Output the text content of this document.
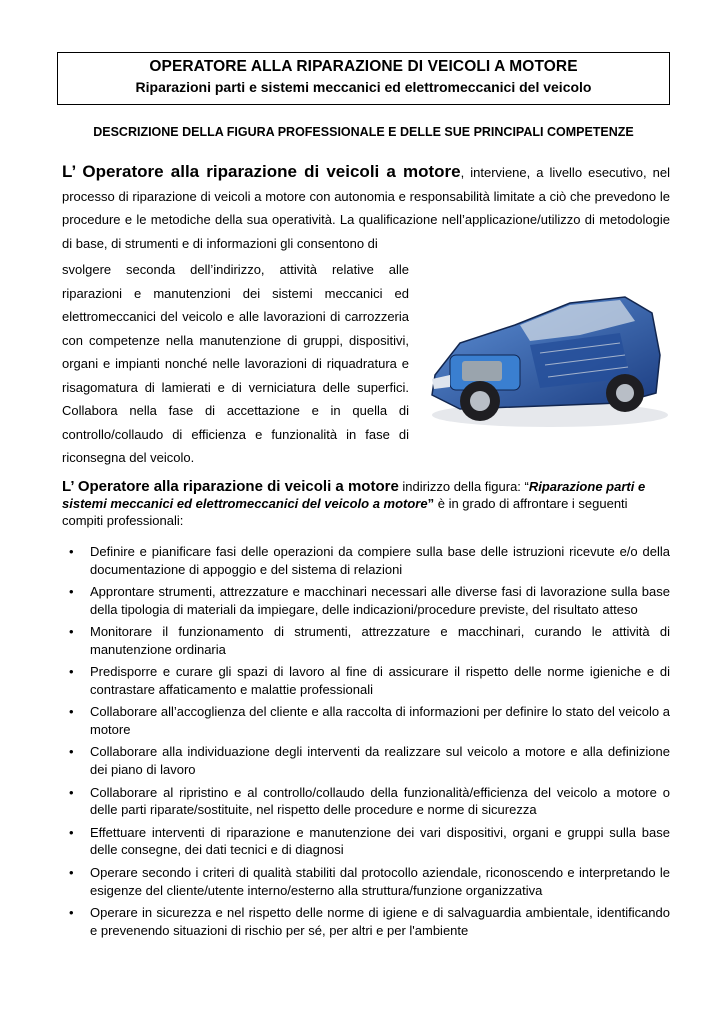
OPERATORE ALLA RIPARAZIONE DI VEICOLI A MOTORE
Riparazioni parti e sistemi meccanici ed elettromeccanici del veicolo
DESCRIZIONE DELLA FIGURA PROFESSIONALE E DELLE SUE PRINCIPALI COMPETENZE
L’ Operatore alla riparazione di veicoli a motore, interviene, a livello esecutivo, nel processo di riparazione di veicoli a motore con autonomia e responsabilità limitate a ciò che prevedono le procedure e le metodiche della sua operatività. La qualificazione nell’applicazione/utilizzo di metodologie di base, di strumenti e di informazioni gli consentono di
svolgere seconda dell’indirizzo, attività relative alle riparazioni e manutenzioni dei sistemi meccanici ed elettromeccanici del veicolo e alle lavorazioni di carrozzeria con competenze nella manutenzione di gruppi, dispositivi, organi e impianti nonché nelle lavorazioni di riquadratura e risagomatura di lamierati e di verniciatura delle superfici. Collabora nella fase di accettazione e in quella di controllo/collaudo di efficienza e funzionalità in fase di riconsegna del veicolo.
L’ Operatore alla riparazione di veicoli a motore indirizzo della figura: “Riparazione parti e sistemi meccanici ed elettromeccanici del veicolo a motore” è in grado di affrontare i seguenti compiti professionali:
• Definire e pianificare fasi delle operazioni da compiere sulla base delle istruzioni ricevute e/o della documentazione di appoggio e del sistema di relazioni
• Approntare strumenti, attrezzature e macchinari necessari alle diverse fasi di lavorazione sulla base della tipologia di materiali da impiegare, delle indicazioni/procedure previste, del risultato atteso
• Monitorare il funzionamento di strumenti, attrezzature e macchinari, curando le attività di manutenzione ordinaria
• Predisporre e curare gli spazi di lavoro al fine di assicurare il rispetto delle norme igieniche e di contrastare affaticamento e malattie professionali
• Collaborare all’accoglienza del cliente e alla raccolta di informazioni per definire lo stato del veicolo a motore
• Collaborare alla individuazione degli interventi da realizzare sul veicolo a motore e alla definizione dei piano di lavoro
• Collaborare al ripristino e al controllo/collaudo della funzionalità/efficienza del veicolo a motore o delle parti riparate/sostituite, nel rispetto delle procedure e norme di sicurezza
• Effettuare interventi di riparazione e manutenzione dei vari dispositivi, organi e gruppi sulla base delle consegne, dei dati tecnici e di diagnosi
• Operare secondo i criteri di qualità stabiliti dal protocollo aziendale, riconoscendo e interpretando le esigenze del cliente/utente interno/esterno alla struttura/funzione organizzativa
• Operare in sicurezza e nel rispetto delle norme di igiene e di salvaguardia ambientale, identificando e prevenendo situazioni di rischio per sé, per altri e per l'ambiente
